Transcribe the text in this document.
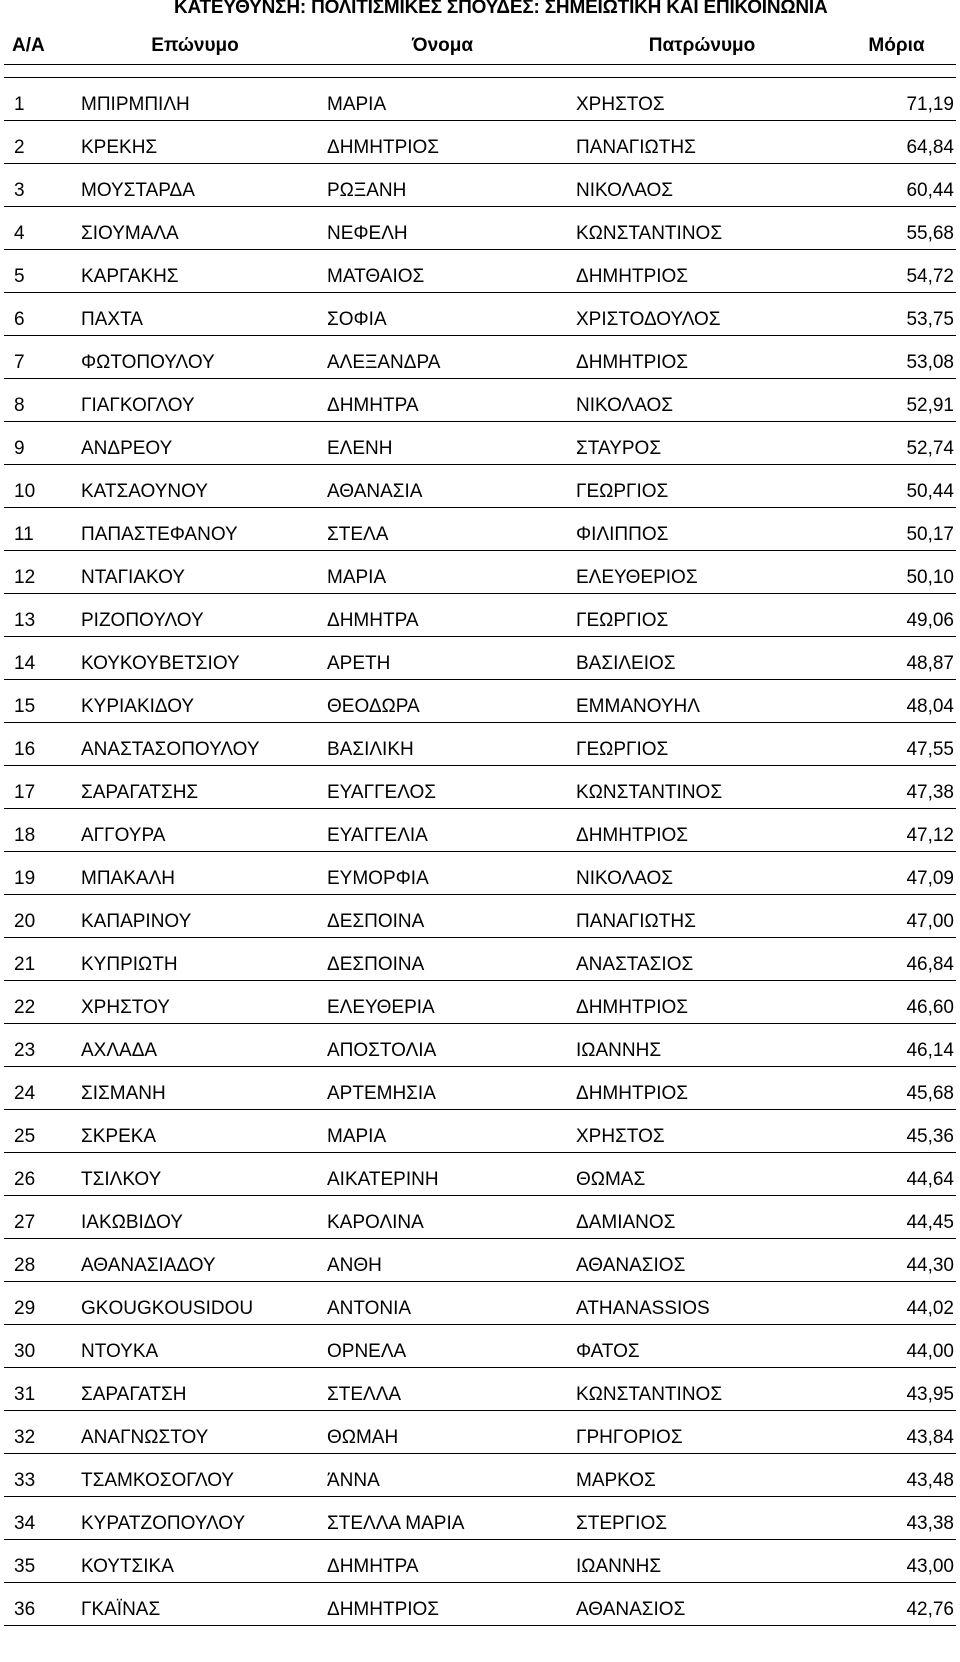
ΚΑΤΕΥΘΥΝΣΗ: ΠΟΛΙΤΙΣΜΙΚΕΣ ΣΠΟΥΔΕΣ: ΣΗΜΕΙΩΤΙΚΗ ΚΑΙ ΕΠΙΚΟΙΝΩΝΙΑ
Α/Α	Επώνυμο	Όνομα	Πατρώνυμο	Μόρια

1	ΜΠΙΡΜΠΙΛΗ	ΜΑΡΙΑ	ΧΡΗΣΤΟΣ	71,19
2	ΚΡΕΚΗΣ	ΔΗΜΗΤΡΙΟΣ	ΠΑΝΑΓΙΩΤΗΣ	64,84
3	ΜΟΥΣΤΑΡΔΑ	ΡΩΞΑΝΗ	ΝΙΚΟΛΑΟΣ	60,44
4	ΣΙΟΥΜΑΛΑ	ΝΕΦΕΛΗ	ΚΩΝΣΤΑΝΤΙΝΟΣ	55,68
5	ΚΑΡΓΑΚΗΣ	ΜΑΤΘΑΙΟΣ	ΔΗΜΗΤΡΙΟΣ	54,72
6	ΠΑΧΤΑ	ΣΟΦΙΑ	ΧΡΙΣΤΟΔΟΥΛΟΣ	53,75
7	ΦΩΤΟΠΟΥΛΟΥ	ΑΛΕΞΑΝΔΡΑ	ΔΗΜΗΤΡΙΟΣ	53,08
8	ΓΙΑΓΚΟΓΛΟΥ	ΔΗΜΗΤΡΑ	ΝΙΚΟΛΑΟΣ	52,91
9	ΑΝΔΡΕΟΥ	ΕΛΕΝΗ	ΣΤΑΥΡΟΣ	52,74
10	ΚΑΤΣΑΟΥΝΟΥ	ΑΘΑΝΑΣΙΑ	ΓΕΩΡΓΙΟΣ	50,44
11	ΠΑΠΑΣΤΕΦΑΝΟΥ	ΣΤΕΛΑ	ΦΙΛΙΠΠΟΣ	50,17
12	ΝΤΑΓΙΑΚΟΥ	ΜΑΡΙΑ	ΕΛΕΥΘΕΡΙΟΣ	50,10
13	ΡΙΖΟΠΟΥΛΟΥ	ΔΗΜΗΤΡΑ	ΓΕΩΡΓΙΟΣ	49,06
14	ΚΟΥΚΟΥΒΕΤΣΙΟΥ	ΑΡΕΤΗ	ΒΑΣΙΛΕΙΟΣ	48,87
15	ΚΥΡΙΑΚΙΔΟΥ	ΘΕΟΔΩΡΑ	ΕΜΜΑΝΟΥΗΛ	48,04
16	ΑΝΑΣΤΑΣΟΠΟΥΛΟΥ	ΒΑΣΙΛΙΚΗ	ΓΕΩΡΓΙΟΣ	47,55
17	ΣΑΡΑΓΑΤΣΗΣ	ΕΥΑΓΓΕΛΟΣ	ΚΩΝΣΤΑΝΤΙΝΟΣ	47,38
18	ΑΓΓΟΥΡΑ	ΕΥΑΓΓΕΛΙΑ	ΔΗΜΗΤΡΙΟΣ	47,12
19	ΜΠΑΚΑΛΗ	ΕΥΜΟΡΦΙΑ	ΝΙΚΟΛΑΟΣ	47,09
20	ΚΑΠΑΡΙΝΟΥ	ΔΕΣΠΟΙΝΑ	ΠΑΝΑΓΙΩΤΗΣ	47,00
21	ΚΥΠΡΙΩΤΗ	ΔΕΣΠΟΙΝΑ	ΑΝΑΣΤΑΣΙΟΣ	46,84
22	ΧΡΗΣΤΟΥ	ΕΛΕΥΘΕΡΙΑ	ΔΗΜΗΤΡΙΟΣ	46,60
23	ΑΧΛΑΔΑ	ΑΠΟΣΤΟΛΙΑ	ΙΩΑΝΝΗΣ	46,14
24	ΣΙΣΜΑΝΗ	ΑΡΤΕΜΗΣΙΑ	ΔΗΜΗΤΡΙΟΣ	45,68
25	ΣΚΡΕΚΑ	ΜΑΡΙΑ	ΧΡΗΣΤΟΣ	45,36
26	ΤΣΙΛΚΟΥ	ΑΙΚΑΤΕΡΙΝΗ	ΘΩΜΑΣ	44,64
27	ΙΑΚΩΒΙΔΟΥ	ΚΑΡΟΛΙΝΑ	ΔΑΜΙΑΝΟΣ	44,45
28	ΑΘΑΝΑΣΙΑΔΟΥ	ΑΝΘΗ	ΑΘΑΝΑΣΙΟΣ	44,30
29	GKOUGKOUSIDOU	ΑΝΤΟΝΙΑ	ATHANASSIOS	44,02
30	ΝΤΟΥΚΑ	ΟΡΝΕΛΑ	ΦΑΤΟΣ	44,00
31	ΣΑΡΑΓΑΤΣΗ	ΣΤΕΛΛΑ	ΚΩΝΣΤΑΝΤΙΝΟΣ	43,95
32	ΑΝΑΓΝΩΣΤΟΥ	ΘΩΜΑΗ	ΓΡΗΓΟΡΙΟΣ	43,84
33	ΤΣΑΜΚΟΣΟΓΛΟΥ	ΆΝΝΑ	ΜΑΡΚΟΣ	43,48
34	ΚΥΡΑΤΖΟΠΟΥΛΟΥ	ΣΤΕΛΛΑ ΜΑΡΙΑ	ΣΤΕΡΓΙΟΣ	43,38
35	ΚΟΥΤΣΙΚΑ	ΔΗΜΗΤΡΑ	ΙΩΑΝΝΗΣ	43,00
36	ΓΚΑΪΝΑΣ	ΔΗΜΗΤΡΙΟΣ	ΑΘΑΝΑΣΙΟΣ	42,76
